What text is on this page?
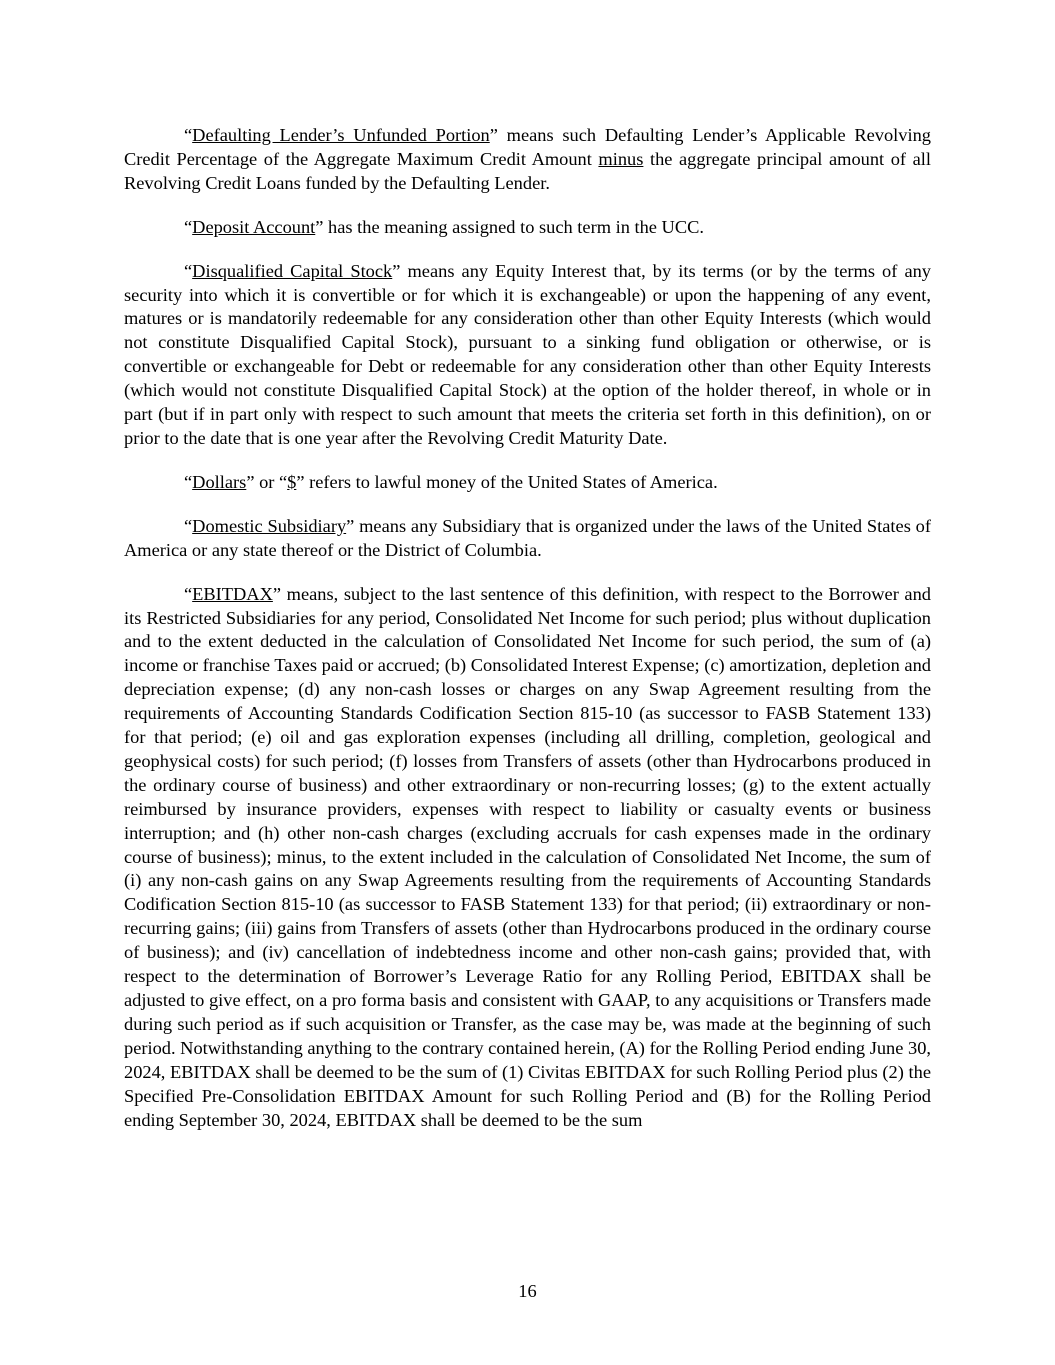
“Defaulting Lender’s Unfunded Portion” means such Defaulting Lender’s Applicable Revolving Credit Percentage of the Aggregate Maximum Credit Amount minus the aggregate principal amount of all Revolving Credit Loans funded by the Defaulting Lender.

“Deposit Account” has the meaning assigned to such term in the UCC.

“Disqualified Capital Stock” means any Equity Interest that, by its terms (or by the terms of any security into which it is convertible or for which it is exchangeable) or upon the happening of any event, matures or is mandatorily redeemable for any consideration other than other Equity Interests (which would not constitute Disqualified Capital Stock), pursuant to a sinking fund obligation or otherwise, or is convertible or exchangeable for Debt or redeemable for any consideration other than other Equity Interests (which would not constitute Disqualified Capital Stock) at the option of the holder thereof, in whole or in part (but if in part only with respect to such amount that meets the criteria set forth in this definition), on or prior to the date that is one year after the Revolving Credit Maturity Date.

“Dollars” or “$” refers to lawful money of the United States of America.

“Domestic Subsidiary” means any Subsidiary that is organized under the laws of the United States of America or any state thereof or the District of Columbia.

“EBITDAX” means, subject to the last sentence of this definition, with respect to the Borrower and its Restricted Subsidiaries for any period, Consolidated Net Income for such period; plus without duplication and to the extent deducted in the calculation of Consolidated Net Income for such period, the sum of (a) income or franchise Taxes paid or accrued; (b) Consolidated Interest Expense; (c) amortization, depletion and depreciation expense; (d) any non-cash losses or charges on any Swap Agreement resulting from the requirements of Accounting Standards Codification Section 815-10 (as successor to FASB Statement 133) for that period; (e) oil and gas exploration expenses (including all drilling, completion, geological and geophysical costs) for such period; (f) losses from Transfers of assets (other than Hydrocarbons produced in the ordinary course of business) and other extraordinary or non-recurring losses; (g) to the extent actually reimbursed by insurance providers, expenses with respect to liability or casualty events or business interruption; and (h) other non-cash charges (excluding accruals for cash expenses made in the ordinary course of business); minus, to the extent included in the calculation of Consolidated Net Income, the sum of (i) any non-cash gains on any Swap Agreements resulting from the requirements of Accounting Standards Codification Section 815-10 (as successor to FASB Statement 133) for that period; (ii) extraordinary or non-recurring gains; (iii) gains from Transfers of assets (other than Hydrocarbons produced in the ordinary course of business); and (iv) cancellation of indebtedness income and other non-cash gains; provided that, with respect to the determination of Borrower’s Leverage Ratio for any Rolling Period, EBITDAX shall be adjusted to give effect, on a pro forma basis and consistent with GAAP, to any acquisitions or Transfers made during such period as if such acquisition or Transfer, as the case may be, was made at the beginning of such period. Notwithstanding anything to the contrary contained herein, (A) for the Rolling Period ending June 30, 2024, EBITDAX shall be deemed to be the sum of (1) Civitas EBITDAX for such Rolling Period plus (2) the Specified Pre-Consolidation EBITDAX Amount for such Rolling Period and (B) for the Rolling Period ending September 30, 2024, EBITDAX shall be deemed to be the sum

16
